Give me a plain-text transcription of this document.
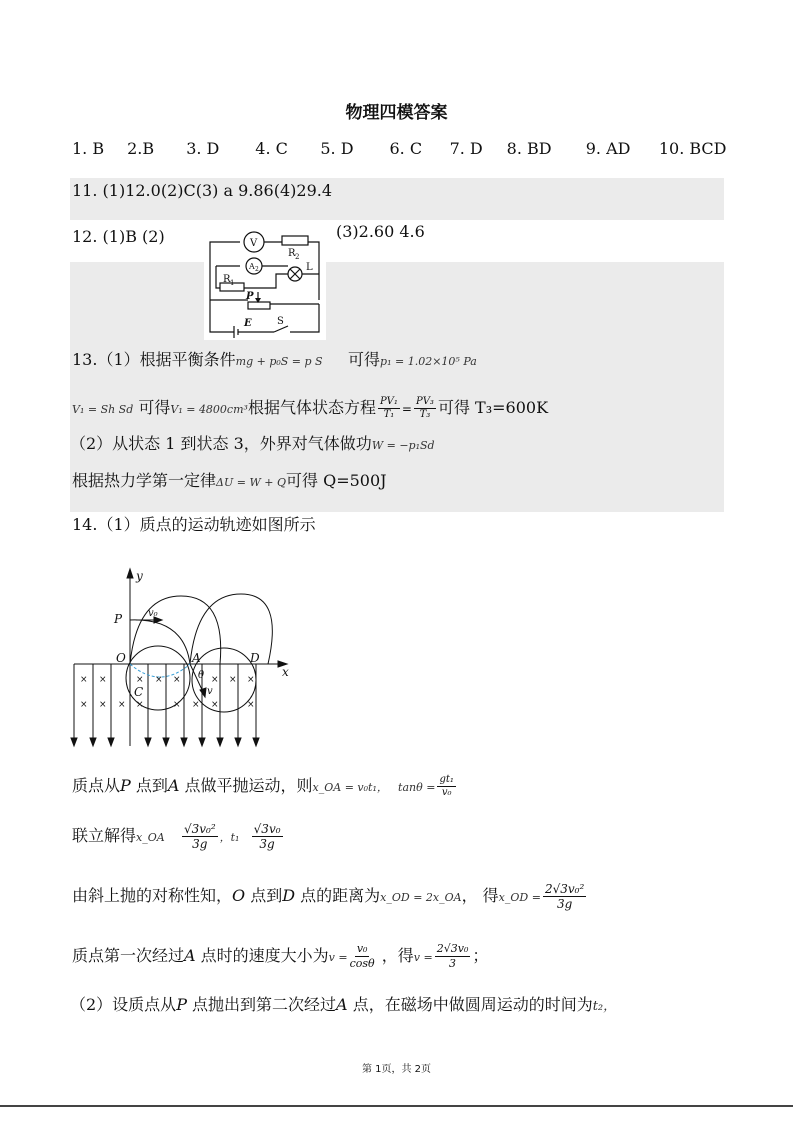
物理四模答案
1. B 2.B 3. D 4. C 5. D 6. C 7. D 8. BD 9. AD 10. BCD
11. (1)12.0(2)C(3) a 9.86(4)29.4
12. (1)B (2)	(3)2.60 4.6
V
R 2
A 2	L
R 1
P
E	S
13.（1）根据平衡条件mg + p₀S = p S 可得p₁ = 1.02×10⁵ Pa
V₁ = Sh Sd 可得V₁ = 4800cm³根据气体状态方程 $\frac{\text{PV₁}}{\text{T₁}} = \frac{\text{PV₃}}{\text{T₃}}$ 可得 T₃=600K
（2）从状态 1 到状态 3，外界对气体做功W = −p₁Sd
根据热力学第一定律ΔU = W + Q可得 Q=500J
14.（1）质点的运动轨迹如图所示
× ×	× × ×	× × ×
× × × ×	× × ×	×
y
x
P	v₀
O	A	D
θ
v
C
质点从P 点到A 点做平抛运动，则x_OA = v₀t₁， $\tan\theta = \frac{\text{gt₁}}{\text{v₀}}$
联立解得x_OA $\frac{\text{√3v₀²}}{3g}$ ，$t_1 \frac{\text{√3v₀}}{3g}$
由斜上抛的对称性知，O 点到D 点的距离为x_OD = 2x_OA， 得x_OD = $\frac{\text{2√3v₀²}}{3g}$
质点第一次经过A 点时的速度大小为$v = \frac{\text{v₀}}{\cos\theta}$ ，得$v = \frac{\text{2√3v₀}}{3}$ ；
（2）设质点从P 点抛出到第二次经过A 点，在磁场中做圆周运动的时间为t₂，
第 1页，共 2页
